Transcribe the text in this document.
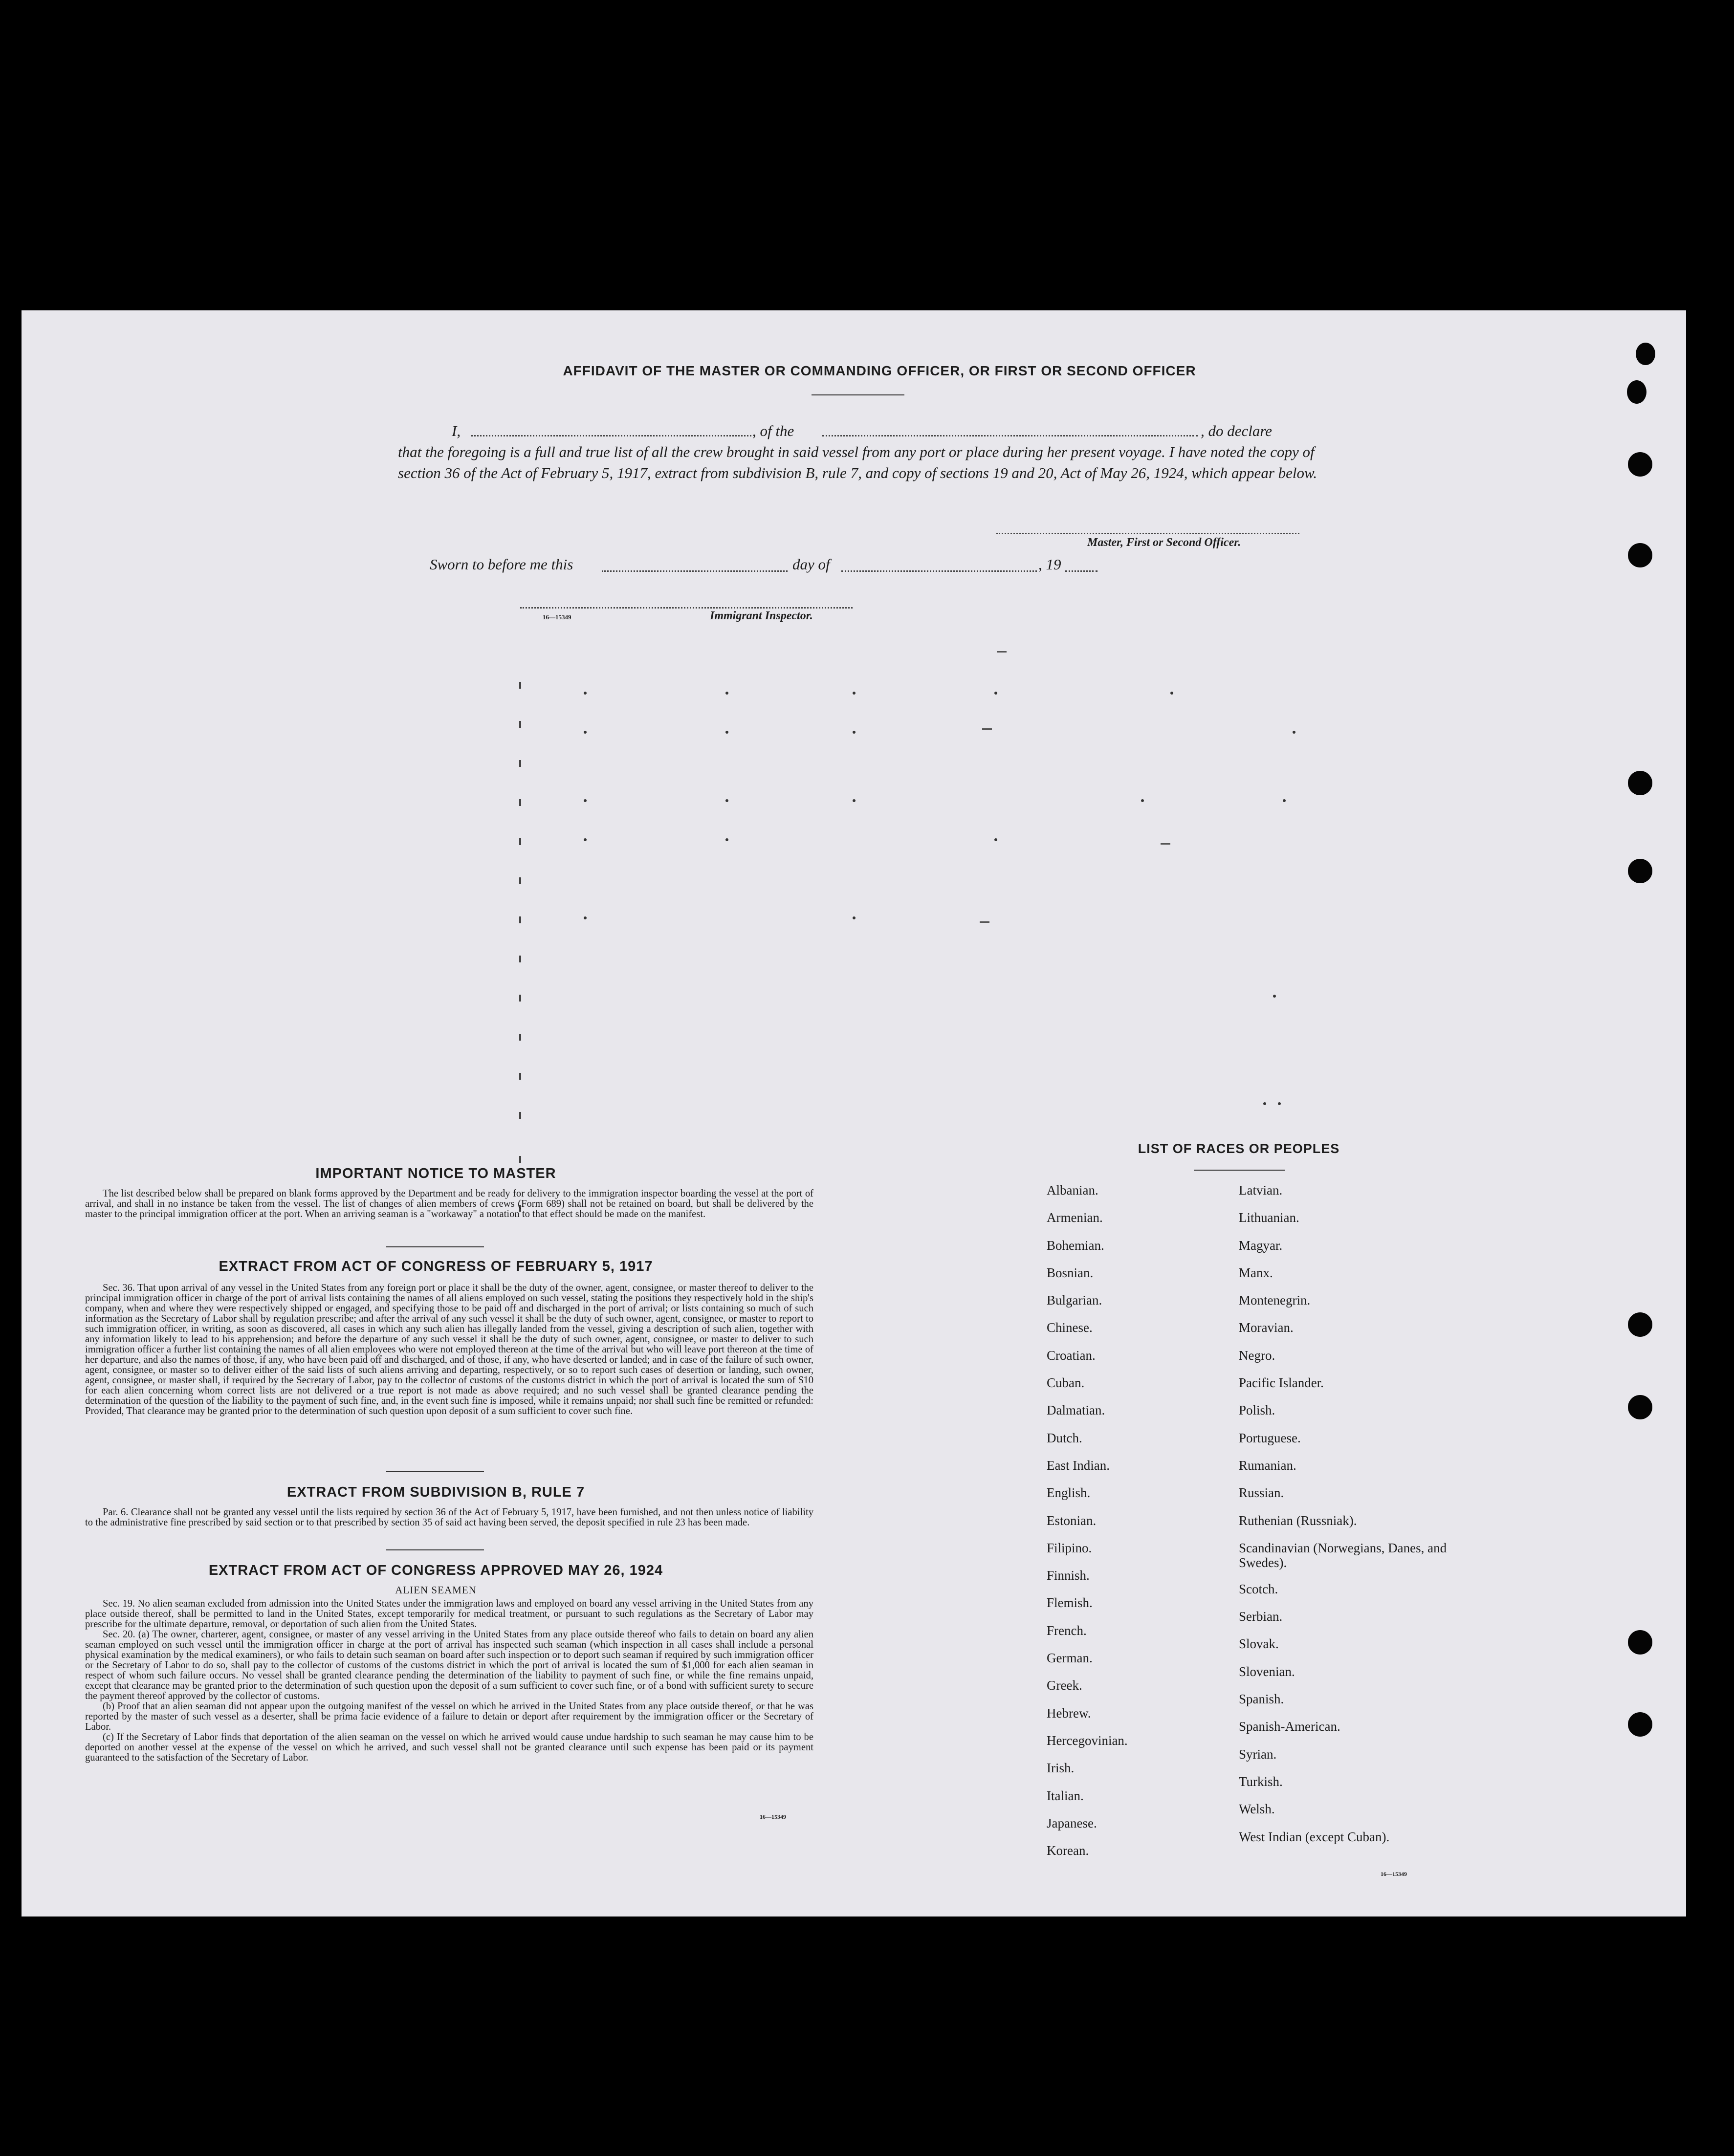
AFFIDAVIT OF THE MASTER OR COMMANDING OFFICER, OR FIRST OR SECOND OFFICER
I,	, of the	, do declare

that the foregoing is a full and true list of all the crew brought in said vessel from any port or place during her present voyage. I have noted the copy of section 36 of the Act of February 5, 1917, extract from subdivision B, rule 7, and copy of sections 19 and 20, Act of May 26, 1924, which appear below.

Master, First or Second Officer.
Sworn to before me this	day of	, 19
16—15349	Immigrant Inspector.
IMPORTANT NOTICE TO MASTER

The list described below shall be prepared on blank forms approved by the Department and be ready for delivery to the immigration inspector boarding the vessel at the port of arrival, and shall in no instance be taken from the vessel. The list of changes of alien members of crews (Form 689) shall not be retained on board, but shall be delivered by the master to the principal immigration officer at the port. When an arriving seaman is a "workaway" a notation to that effect should be made on the manifest.

EXTRACT FROM ACT OF CONGRESS OF FEBRUARY 5, 1917

Sec. 36. That upon arrival of any vessel in the United States from any foreign port or place it shall be the duty of the owner, agent, consignee, or master thereof to deliver to the principal immigration officer in charge of the port of arrival lists containing the names of all aliens employed on such vessel, stating the positions they respectively hold in the ship's company, when and where they were respectively shipped or engaged, and specifying those to be paid off and discharged in the port of arrival; or lists containing so much of such information as the Secretary of Labor shall by regulation prescribe; and after the arrival of any such vessel it shall be the duty of such owner, agent, consignee, or master to report to such immigration officer, in writing, as soon as discovered, all cases in which any such alien has illegally landed from the vessel, giving a description of such alien, together with any information likely to lead to his apprehension; and before the departure of any such vessel it shall be the duty of such owner, agent, consignee, or master to deliver to such immigration officer a further list containing the names of all alien employees who were not employed thereon at the time of the arrival but who will leave port thereon at the time of her departure, and also the names of those, if any, who have been paid off and discharged, and of those, if any, who have deserted or landed; and in case of the failure of such owner, agent, consignee, or master so to deliver either of the said lists of such aliens arriving and departing, respectively, or so to report such cases of desertion or landing, such owner, agent, consignee, or master shall, if required by the Secretary of Labor, pay to the collector of customs of the customs district in which the port of arrival is located the sum of $10 for each alien concerning whom correct lists are not delivered or a true report is not made as above required; and no such vessel shall be granted clearance pending the determination of the question of the liability to the payment of such fine, and, in the event such fine is imposed, while it remains unpaid; nor shall such fine be remitted or refunded: Provided, That clearance may be granted prior to the determination of such question upon deposit of a sum sufficient to cover such fine.

EXTRACT FROM SUBDIVISION B, RULE 7

Par. 6. Clearance shall not be granted any vessel until the lists required by section 36 of the Act of February 5, 1917, have been furnished, and not then unless notice of liability to the administrative fine prescribed by said section or to that prescribed by section 35 of said act having been served, the deposit specified in rule 23 has been made.

EXTRACT FROM ACT OF CONGRESS APPROVED MAY 26, 1924
ALIEN SEAMEN

Sec. 19. No alien seaman excluded from admission into the United States under the immigration laws and employed on board any vessel arriving in the United States from any place outside thereof, shall be permitted to land in the United States, except temporarily for medical treatment, or pursuant to such regulations as the Secretary of Labor may prescribe for the ultimate departure, removal, or deportation of such alien from the United States.

Sec. 20. (a) The owner, charterer, agent, consignee, or master of any vessel arriving in the United States from any place outside thereof who fails to detain on board any alien seaman employed on such vessel until the immigration officer in charge at the port of arrival has inspected such seaman (which inspection in all cases shall include a personal physical examination by the medical examiners), or who fails to detain such seaman on board after such inspection or to deport such seaman if required by such immigration officer or the Secretary of Labor to do so, shall pay to the collector of customs of the customs district in which the port of arrival is located the sum of $1,000 for each alien seaman in respect of whom such failure occurs. No vessel shall be granted clearance pending the determination of the liability to payment of such fine, or while the fine remains unpaid, except that clearance may be granted prior to the determination of such question upon the deposit of a sum sufficient to cover such fine, or of a bond with sufficient surety to secure the payment thereof approved by the collector of customs.

(b) Proof that an alien seaman did not appear upon the outgoing manifest of the vessel on which he arrived in the United States from any place outside thereof, or that he was reported by the master of such vessel as a deserter, shall be prima facie evidence of a failure to detain or deport after requirement by the immigration officer or the Secretary of Labor.

(c) If the Secretary of Labor finds that deportation of the alien seaman on the vessel on which he arrived would cause undue hardship to such seaman he may cause him to be deported on another vessel at the expense of the vessel on which he arrived, and such vessel shall not be granted clearance until such expense has been paid or its payment guaranteed to the satisfaction of the Secretary of Labor.

16—15349
LIST OF RACES OR PEOPLES
Albanian.
Armenian.
Bohemian.
Bosnian.
Bulgarian.
Chinese.
Croatian.
Cuban.
Dalmatian.
Dutch.
East Indian.
English.
Estonian.
Filipino.
Finnish.
Flemish.
French.
German.
Greek.
Hebrew.
Hercegovinian.
Irish.
Italian.
Japanese.
Korean.
Latvian.
Lithuanian.
Magyar.
Manx.
Montenegrin.
Moravian.
Negro.
Pacific Islander.
Polish.
Portuguese.
Rumanian.
Russian.
Ruthenian (Russniak).
Scandinavian (Norwegians, Danes, and Swedes).
Scotch.
Serbian.
Slovak.
Slovenian.
Spanish.
Spanish-American.
Syrian.
Turkish.
Welsh.
West Indian (except Cuban).
16—15349
